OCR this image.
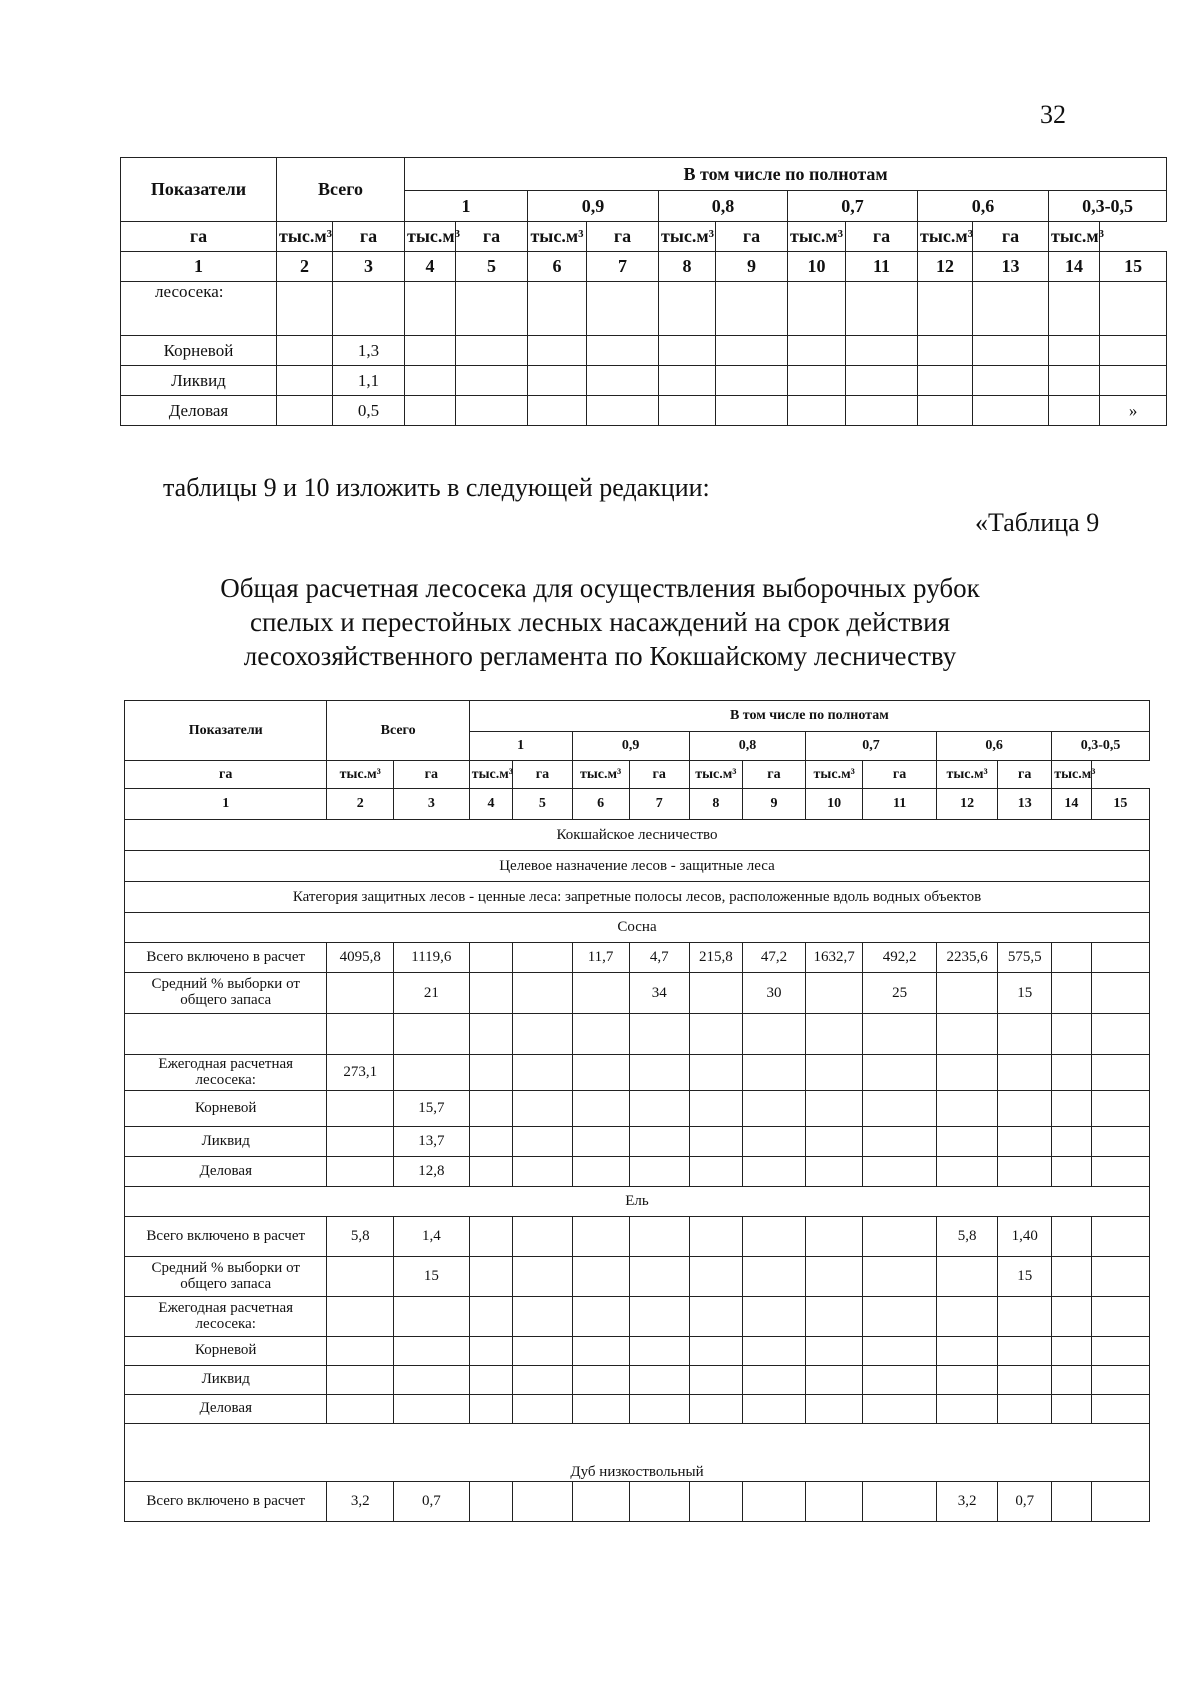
32
Показатели	Всего		В том числе по полнотам											
			1		0,9		0,8		0,7		0,6		0,3-0,5	
га	тыс.м³	га	тыс.м³	га	тыс.м³	га	тыс.м³	га	тыс.м³	га	тыс.м³	га	тыс.м³	
1	2	3	4	5	6	7	8	9	10	11	12	13	14	15
лесосека:														
Корневой		1,3												
Ликвид		1,1												
Деловая		0,5												»
таблицы 9 и 10 изложить в следующей редакции:
«Таблица 9
Общая расчетная лесосека для осуществления выборочных рубок
спелых и перестойных лесных насаждений на срок действия
лесохозяйственного регламента по Кокшайскому лесничеству
Показатели	Всего		В том числе по полнотам											
			1		0,9		0,8		0,7		0,6		0,3-0,5	
га	тыс.м³	га	тыс.м³	га	тыс.м³	га	тыс.м³	га	тыс.м³	га	тыс.м³	га	тыс.м³	
1	2	3	4	5	6	7	8	9	10	11	12	13	14	15
Кокшайское лесничество														
Целевое назначение лесов - защитные леса														
Категория защитных лесов - ценные леса: запретные полосы лесов, расположенные вдоль водных объектов														
Сосна														
Всего включено в расчет	4095,8	1119,6			11,7	4,7	215,8	47,2	1632,7	492,2	2235,6	575,5		
Средний % выборки от общего запаса		21				34		30		25		15		

Ежегодная расчетная лесосека:	273,1													
Корневой		15,7												
Ликвид		13,7												
Деловая		12,8												
Ель														
Всего включено в расчет	5,8	1,4									5,8	1,40		
Средний % выборки от общего запаса		15										15		
Ежегодная расчетная лесосека:														
Корневой														
Ликвид														
Деловая														
Дуб низкоствольный														
Всего включено в расчет	3,2	0,7									3,2	0,7		
